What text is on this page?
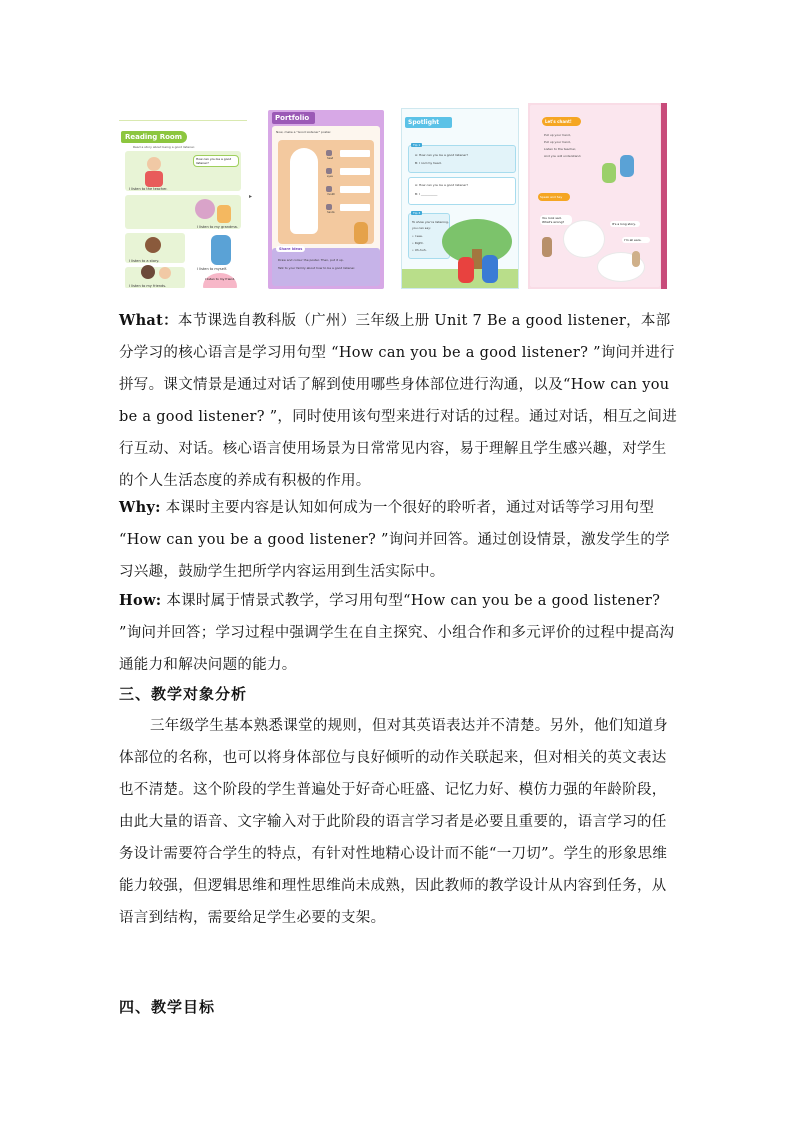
Reading Room
Read a story about being a good listener.
How can you be a good listener?
I listen to the teacher.
I listen to my grandma.
I listen to a story.
I listen to my friends.
I listen to myself.
I listen to my friend.
▸
Portfolio
Now, make a "Good Listener" poster.
head
eyes
mouth
hands
Share Ideas
Draw and colour the poster. Then, put it up.
Talk to your family about how to be a good listener.
Spotlight
Tip 1
A: How can you be a good listener?
B: I nod my head.
A: How can you be a good listener?
B: I ___________
Tip 3
To show you're listening,
you can say:
• I see.
• Right.
• Uh-huh.
Let's chant!
Put up your hand,
Put up your hand,
Listen to the teacher,
And you will understand.
Speak and Say
You look sad. What's wrong?	It's a long story.
I'm all ears.

What：本节课选自教科版（广州）三年级上册 Unit 7 Be a good listener，本部分学习的核心语言是学习用句型 “How can you be a good listener? ”询问并进行拼写。课文情景是通过对话了解到使用哪些身体部位进行沟通，以及“How can you be a good listener? ”，同时使用该句型来进行对话的过程。通过对话，相互之间进行互动、对话。核心语言使用场景为日常常见内容，易于理解且学生感兴趣，对学生的个人生活态度的养成有积极的作用。

Why: 本课时主要内容是认知如何成为一个很好的聆听者，通过对话等学习用句型 “How can you be a good listener? ”询问并回答。通过创设情景，激发学生的学习兴趣，鼓励学生把所学内容运用到生活实际中。

How: 本课时属于情景式教学，学习用句型“How can you be a good listener? ”询问并回答；学习过程中强调学生在自主探究、小组合作和多元评价的过程中提高沟通能力和解决问题的能力。

三、教学对象分析

三年级学生基本熟悉课堂的规则，但对其英语表达并不清楚。另外，他们知道身体部位的名称，也可以将身体部位与良好倾听的动作关联起来，但对相关的英文表达也不清楚。这个阶段的学生普遍处于好奇心旺盛、记忆力好、模仿力强的年龄阶段，由此大量的语音、文字输入对于此阶段的语言学习者是必要且重要的，语言学习的任务设计需要符合学生的特点，有针对性地精心设计而不能“一刀切”。学生的形象思维能力较强，但逻辑思维和理性思维尚未成熟，因此教师的教学设计从内容到任务，从语言到结构，需要给足学生必要的支架。

四、教学目标
